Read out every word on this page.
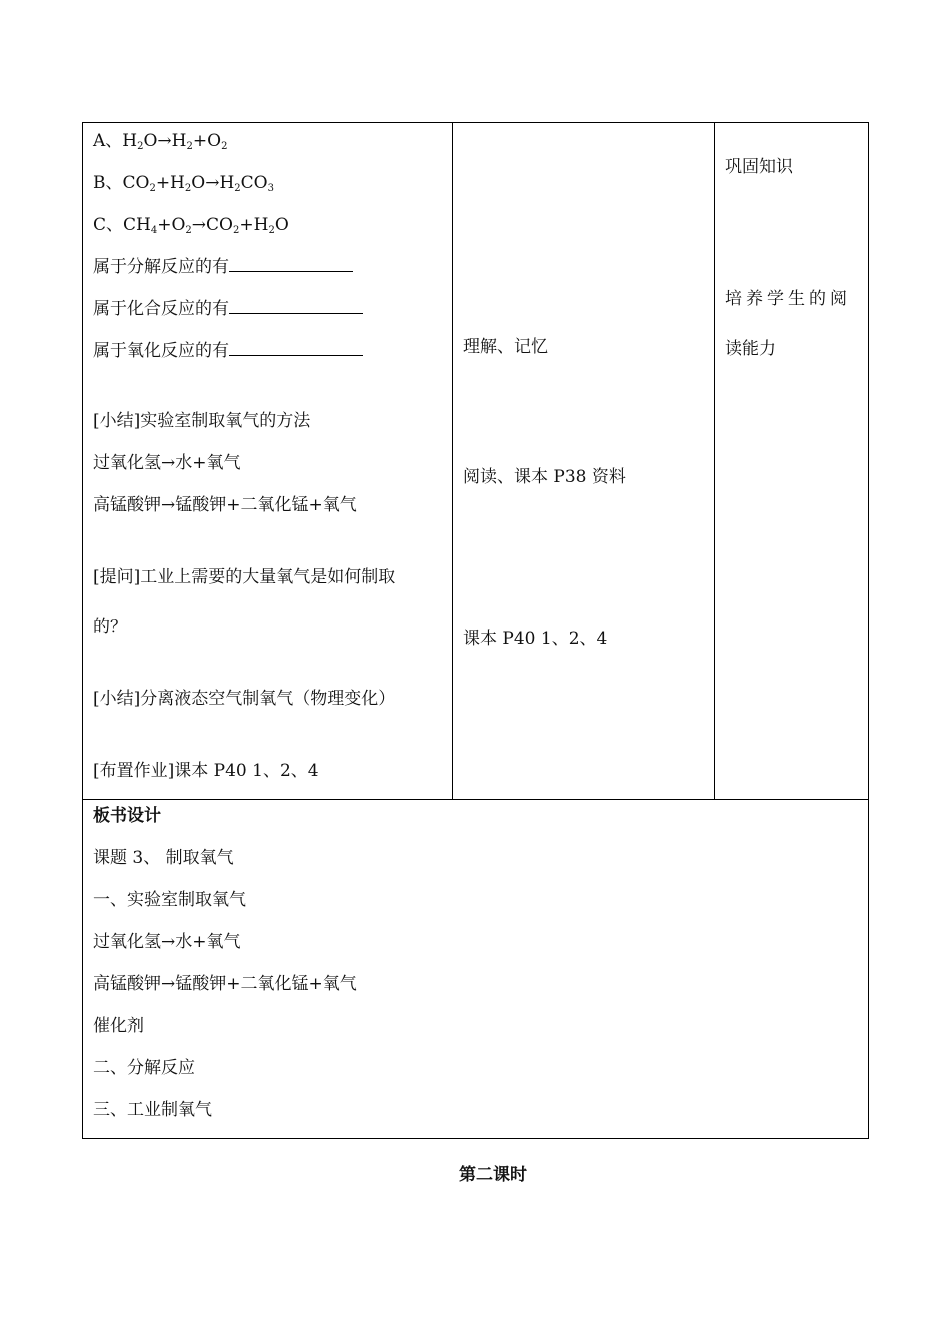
A、$H_2O\to H_2+O_2$
B、$CO_2+H_2O\to H_2CO_3$
C、$CH_4+O_2\to CO_2+H_2O$
属于分解反应的有
属于化合反应的有
属于氧化反应的有
[小结]实验室制取氧气的方法
过氧化氢→水+氧气
高锰酸钾→锰酸钾+二氧化锰+氧气
[提问]工业上需要的大量氧气是如何制取
的？
[小结]分离液态空气制氧气（物理变化）
[布置作业]课本 P40 1、2、4

理解、记忆
阅读、课本 P38 资料
课本 P40 1、2、4

巩固知识
培养学生的阅
读能力

板书设计
课题 3、 制取氧气
一、实验室制取氧气
过氧化氢→水+氧气
高锰酸钾→锰酸钾+二氧化锰+氧气
催化剂
二、分解反应
三、工业制氧气
第二课时
